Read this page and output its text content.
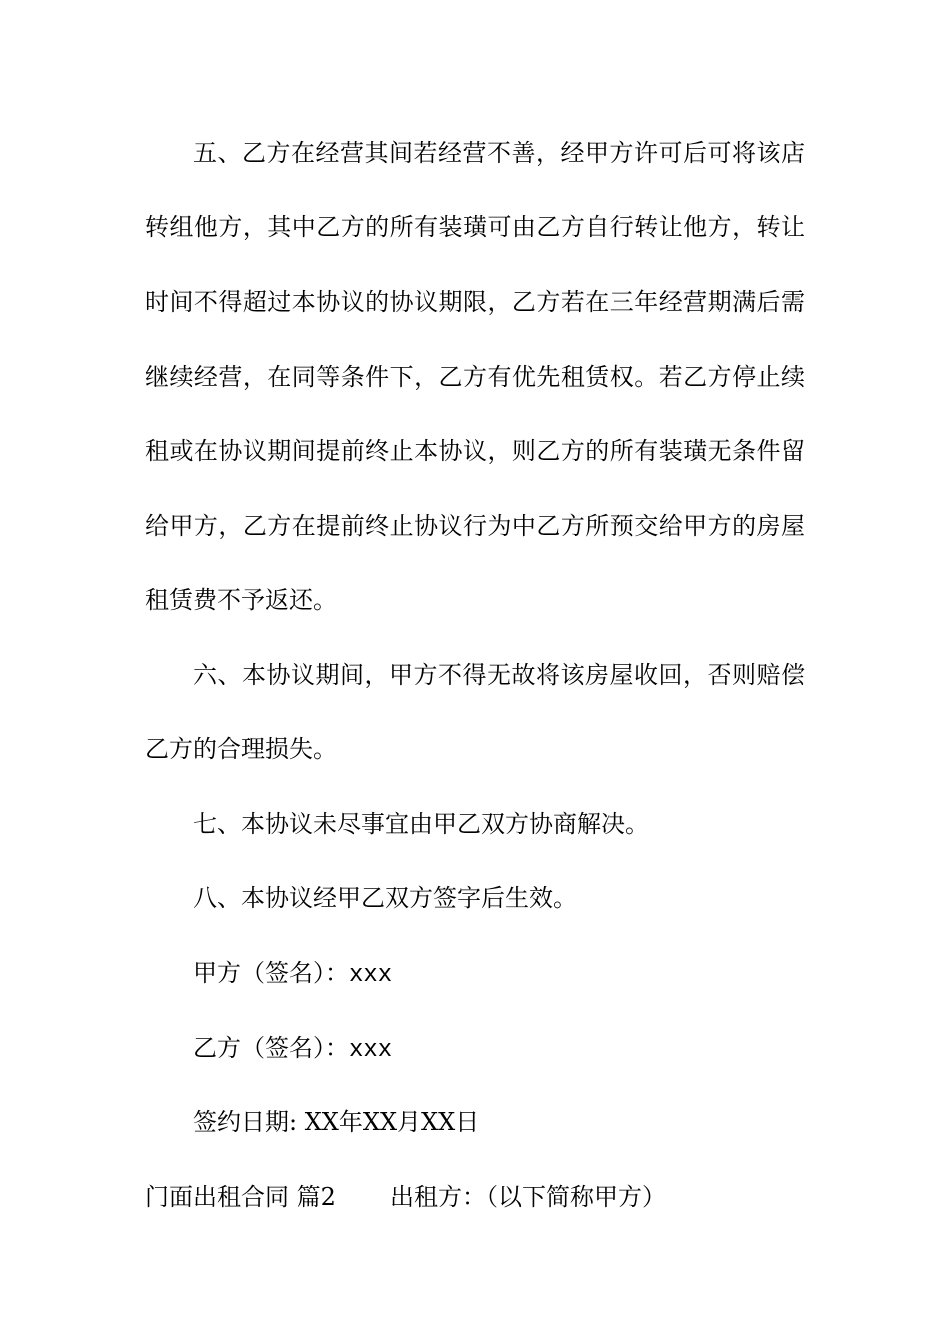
五、乙方在经营其间若经营不善，经甲方许可后可将该店
转组他方，其中乙方的所有装璜可由乙方自行转让他方，转让
时间不得超过本协议的协议期限，乙方若在三年经营期满后需
继续经营，在同等条件下，乙方有优先租赁权。若乙方停止续
租或在协议期间提前终止本协议，则乙方的所有装璜无条件留
给甲方，乙方在提前终止协议行为中乙方所预交给甲方的房屋
租赁费不予返还。
六、本协议期间，甲方不得无故将该房屋收回，否则赔偿
乙方的合理损失。
七、本协议未尽事宜由甲乙双方协商解决。
八、本协议经甲乙双方签字后生效。
甲方（签名）：xxx
乙方（签名）：xxx
签约日期: XX年XX月XX日
门面出租合同 篇2 出租方：（以下简称甲方）
